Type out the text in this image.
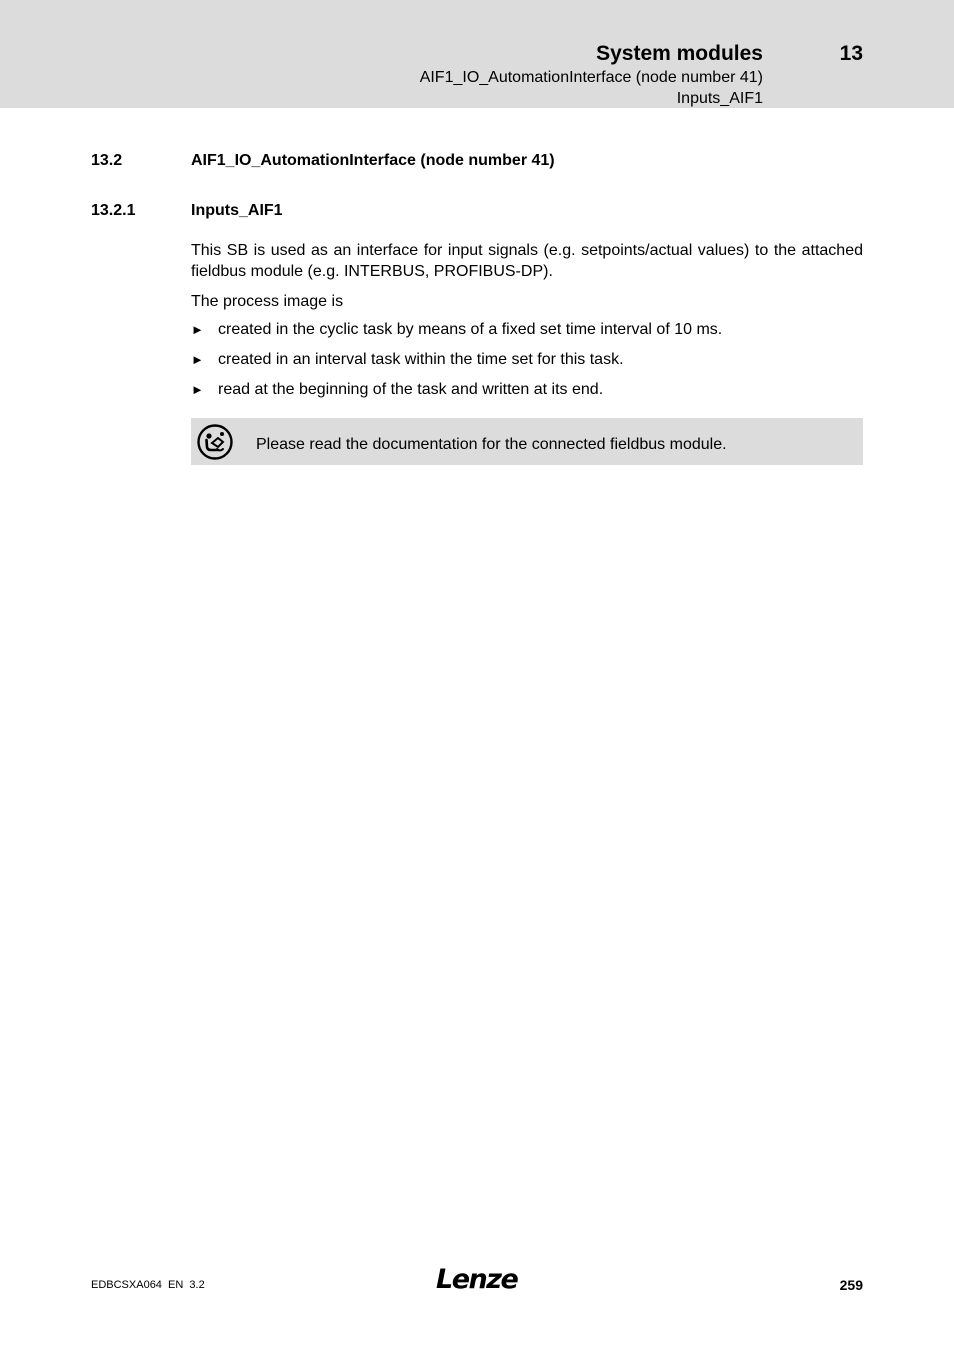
System modules	13
AIF1_IO_AutomationInterface (node number 41)
Inputs_AIF1
13.2	AIF1_IO_AutomationInterface (node number 41)
13.2.1	Inputs_AIF1

This SB is used as an interface for input signals (e.g. setpoints/actual values) to the attached fieldbus module (e.g. INTERBUS, PROFIBUS-DP).

The process image is

► created in the cyclic task by means of a fixed set time interval of 10 ms.
► created in an interval task within the time set for this task.
► read at the beginning of the task and written at its end.
Please read the documentation for the connected fieldbus module.
EDBCSXA064  EN  3.2	Lenze	259
